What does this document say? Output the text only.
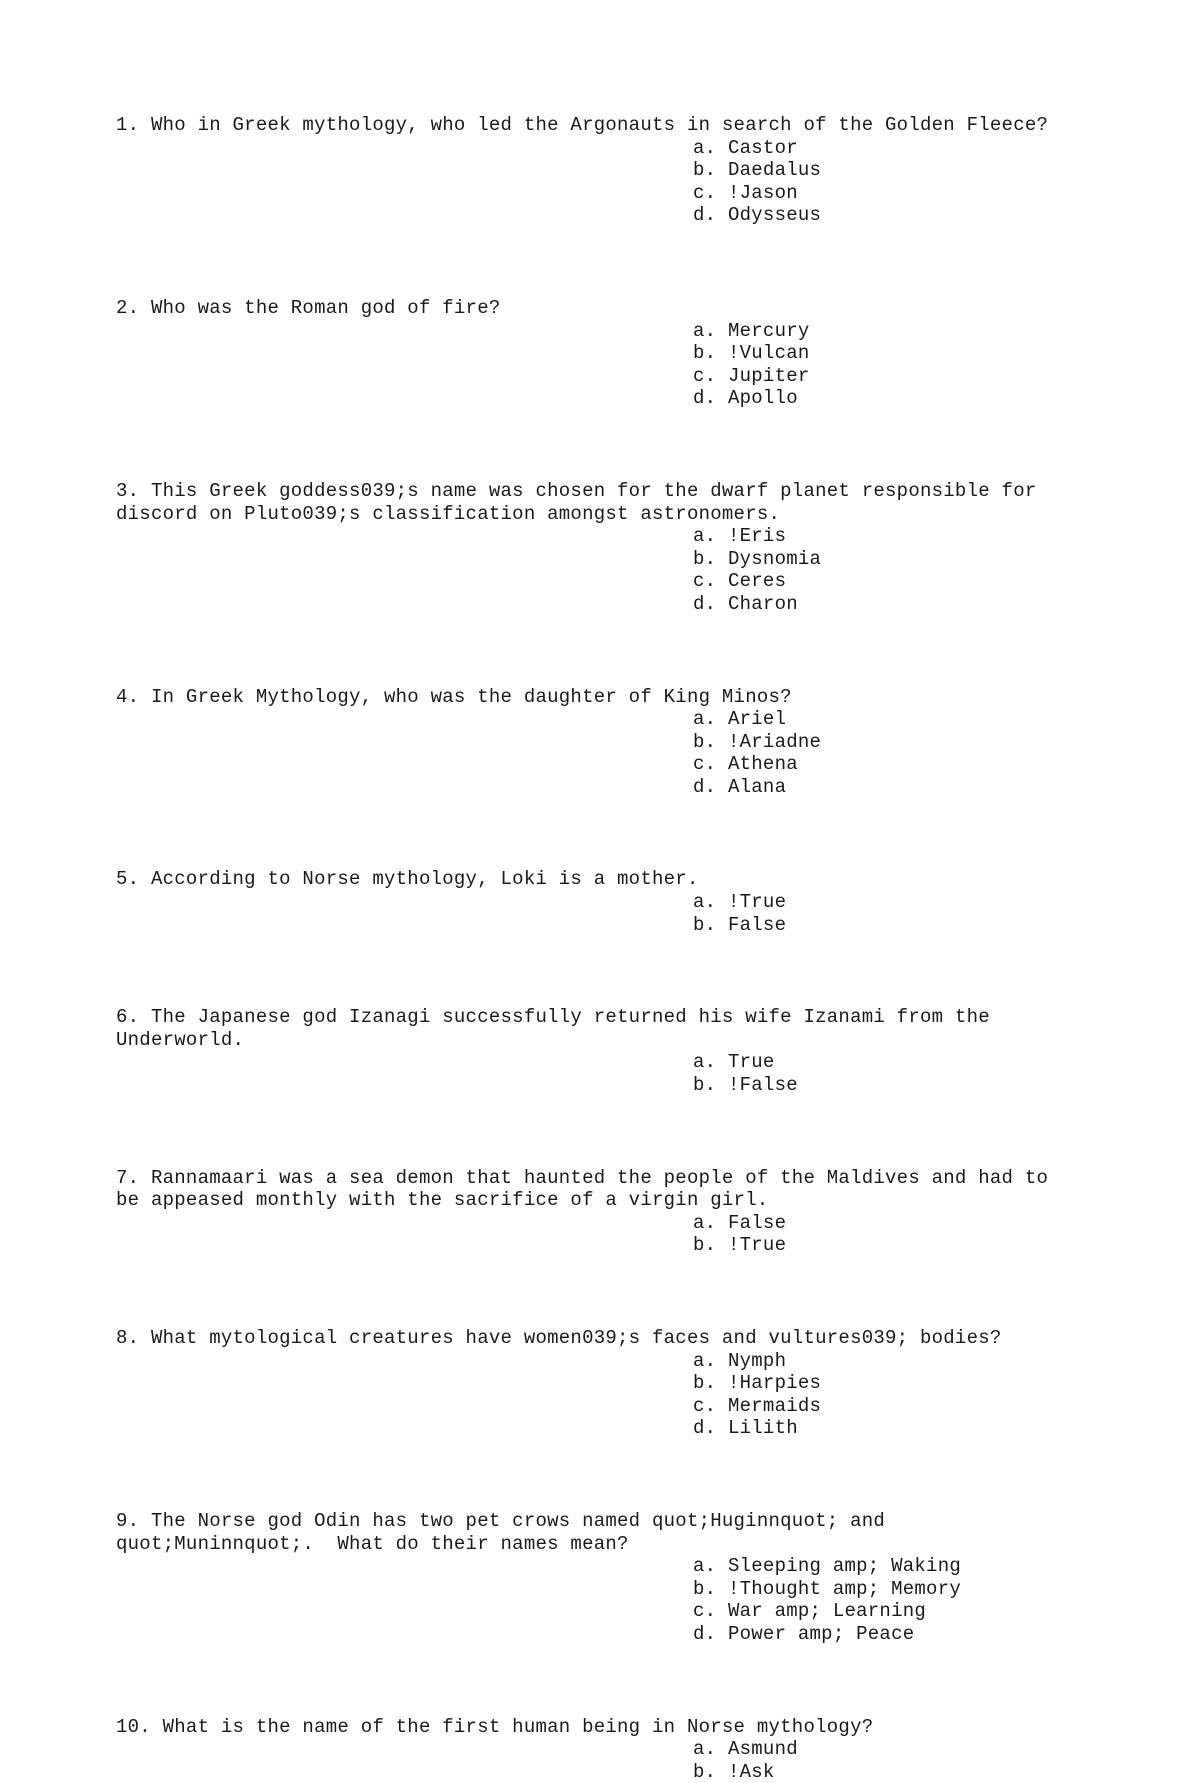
1. Who in Greek mythology, who led the Argonauts in search of the Golden Fleece?
a. Castor
b. Daedalus
c. !Jason
d. Odysseus
2. Who was the Roman god of fire?
a. Mercury
b. !Vulcan
c. Jupiter
d. Apollo
3. This Greek goddess039;s name was chosen for the dwarf planet responsible for
discord on Pluto039;s classification amongst astronomers.
a. !Eris
b. Dysnomia
c. Ceres
d. Charon
4. In Greek Mythology, who was the daughter of King Minos?
a. Ariel
b. !Ariadne
c. Athena
d. Alana
5. According to Norse mythology, Loki is a mother.
a. !True
b. False
6. The Japanese god Izanagi successfully returned his wife Izanami from the
Underworld.
a. True
b. !False
7. Rannamaari was a sea demon that haunted the people of the Maldives and had to
be appeased monthly with the sacrifice of a virgin girl.
a. False
b. !True
8. What mytological creatures have women039;s faces and vultures039; bodies?
a. Nymph
b. !Harpies
c. Mermaids
d. Lilith
9. The Norse god Odin has two pet crows named quot;Huginnquot; and
quot;Muninnquot;.  What do their names mean?
a. Sleeping amp; Waking
b. !Thought amp; Memory
c. War amp; Learning
d. Power amp; Peace
10. What is the name of the first human being in Norse mythology?
a. Asmund
b. !Ask
